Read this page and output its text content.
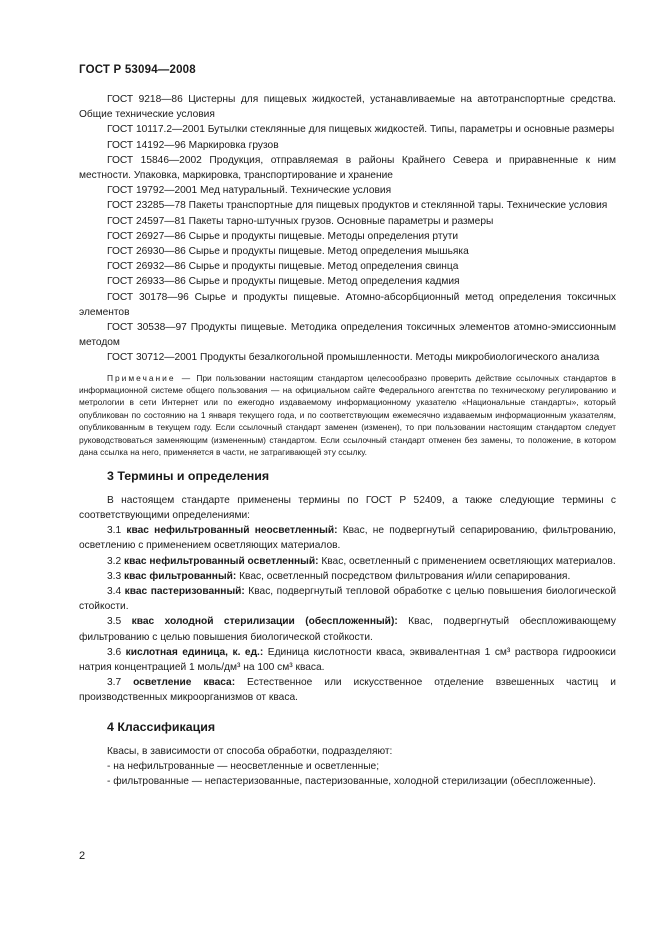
ГОСТ Р 53094—2008

ГОСТ 9218—86 Цистерны для пищевых жидкостей, устанавливаемые на автотранспортные средства. Общие технические условия

ГОСТ 10117.2—2001 Бутылки стеклянные для пищевых жидкостей. Типы, параметры и основные размеры

ГОСТ 14192—96 Маркировка грузов

ГОСТ 15846—2002 Продукция, отправляемая в районы Крайнего Севера и приравненные к ним местности. Упаковка, маркировка, транспортирование и хранение

ГОСТ 19792—2001 Мед натуральный. Технические условия

ГОСТ 23285—78 Пакеты транспортные для пищевых продуктов и стеклянной тары. Технические условия

ГОСТ 24597—81 Пакеты тарно-штучных грузов. Основные параметры и размеры

ГОСТ 26927—86 Сырье и продукты пищевые. Методы определения ртути

ГОСТ 26930—86 Сырье и продукты пищевые. Метод определения мышьяка

ГОСТ 26932—86 Сырье и продукты пищевые. Метод определения свинца

ГОСТ 26933—86 Сырье и продукты пищевые. Метод определения кадмия

ГОСТ 30178—96 Сырье и продукты пищевые. Атомно-абсорбционный метод определения токсичных элементов

ГОСТ 30538—97 Продукты пищевые. Методика определения токсичных элементов атомно-эмиссионным методом

ГОСТ 30712—2001 Продукты безалкогольной промышленности. Методы микробиологического анализа

Примечание — При пользовании настоящим стандартом целесообразно проверить действие ссылочных стандартов в информационной системе общего пользования — на официальном сайте Федерального агентства по техническому регулированию и метрологии в сети Интернет или по ежегодно издаваемому информационному указателю «Национальные стандарты», который опубликован по состоянию на 1 января текущего года, и по соответствующим ежемесячно издаваемым информационным указателям, опубликованным в текущем году. Если ссылочный стандарт заменен (изменен), то при пользовании настоящим стандартом следует руководствоваться заменяющим (измененным) стандартом. Если ссылочный стандарт отменен без замены, то положение, в котором дана ссылка на него, применяется в части, не затрагивающей эту ссылку.

3 Термины и определения

В настоящем стандарте применены термины по ГОСТ Р 52409, а также следующие термины с соответствующими определениями:

3.1 квас нефильтрованный неосветленный: Квас, не подвергнутый сепарированию, фильтрованию, осветлению с применением осветляющих материалов.

3.2 квас нефильтрованный осветленный: Квас, осветленный с применением осветляющих материалов.

3.3 квас фильтрованный: Квас, осветленный посредством фильтрования и/или сепарирования.

3.4 квас пастеризованный: Квас, подвергнутый тепловой обработке с целью повышения биологической стойкости.

3.5 квас холодной стерилизации (обеспложенный): Квас, подвергнутый обеспложивающему фильтрованию с целью повышения биологической стойкости.

3.6 кислотная единица, к. ед.: Единица кислотности кваса, эквивалентная 1 см³ раствора гидроокиси натрия концентрацией 1 моль/дм³ на 100 см³ кваса.

3.7 осветление кваса: Естественное или искусственное отделение взвешенных частиц и производственных микроорганизмов от кваса.

4 Классификация

Квасы, в зависимости от способа обработки, подразделяют:

- на нефильтрованные — неосветленные и осветленные;

- фильтрованные — непастеризованные, пастеризованные, холодной стерилизации (обеспложенные).

2
